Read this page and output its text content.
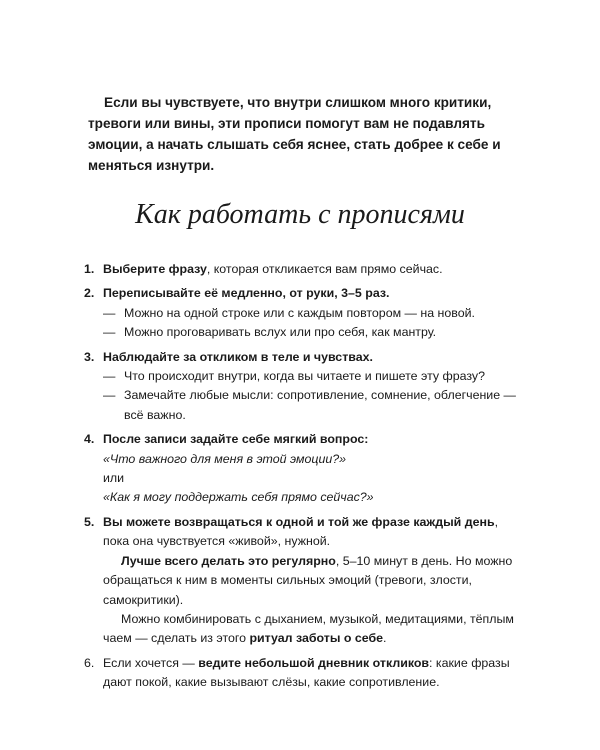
Если вы чувствуете, что внутри слишком много критики, тревоги или вины, эти прописи помогут вам не подавлять эмоции, а начать слышать себя яснее, стать добрее к себе и меняться изнутри.

Как работать с прописями
1. Выберите фразу, которая откликается вам прямо сейчас.
2. Переписывайте её медленно, от руки, 3–5 раз.
— Можно на одной строке или с каждым повтором — на новой.
— Можно проговаривать вслух или про себя, как мантру.
3. Наблюдайте за откликом в теле и чувствах.
— Что происходит внутри, когда вы читаете и пишете эту фразу?
— Замечайте любые мысли: сопротивление, сомнение, облегчение — всё важно.
4. После записи задайте себе мягкий вопрос:
«Что важного для меня в этой эмоции?»
или
«Как я могу поддержать себя прямо сейчас?»
5. Вы можете возвращаться к одной и той же фразе каждый день, пока она чувствуется «живой», нужной.
Лучше всего делать это регулярно, 5–10 минут в день. Но можно обращаться к ним в моменты сильных эмоций (тревоги, злости, самокритики).
Можно комбинировать с дыханием, музыкой, медитациями, тёплым чаем — сделать из этого ритуал заботы о себе.
6. Если хочется — ведите небольшой дневник откликов: какие фразы дают покой, какие вызывают слёзы, какие сопротивление.
